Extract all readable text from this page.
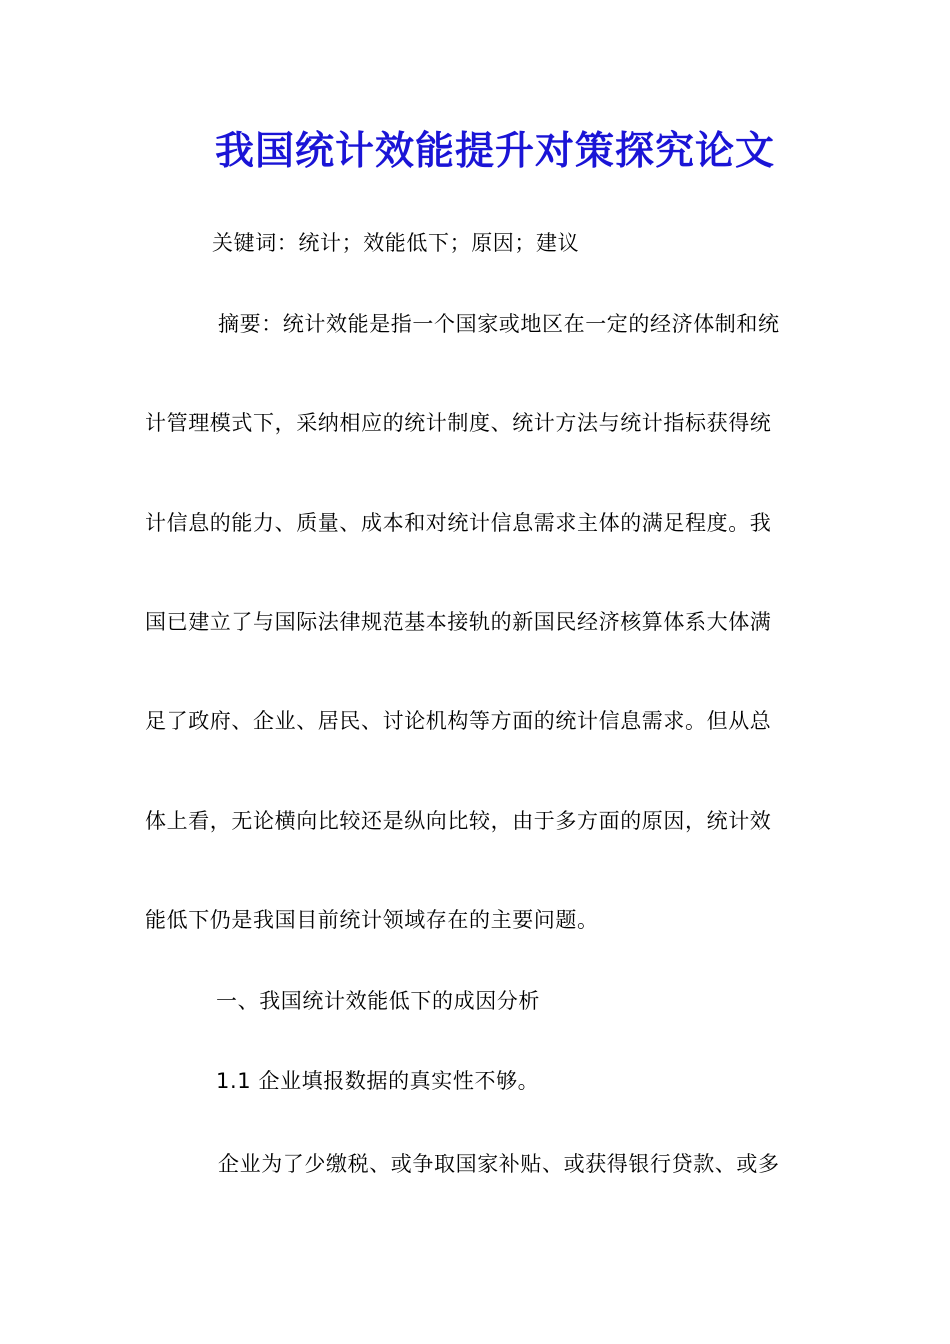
我国统计效能提升对策探究论文

关键词：统计；效能低下；原因；建议

摘要：统计效能是指一个国家或地区在一定的经济体制和统

计管理模式下，采纳相应的统计制度、统计方法与统计指标获得统

计信息的能力、质量、成本和对统计信息需求主体的满足程度。我

国已建立了与国际法律规范基本接轨的新国民经济核算体系大体满

足了政府、企业、居民、讨论机构等方面的统计信息需求。但从总

体上看，无论横向比较还是纵向比较，由于多方面的原因，统计效

能低下仍是我国目前统计领域存在的主要问题。

一、我国统计效能低下的成因分析

1.1 企业填报数据的真实性不够。

企业为了少缴税、或争取国家补贴、或获得银行贷款、或多
